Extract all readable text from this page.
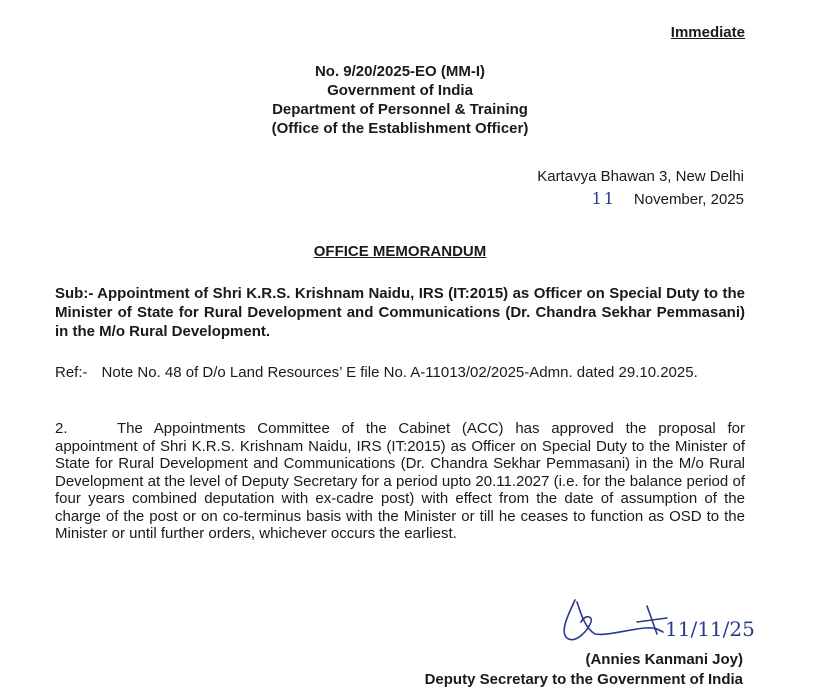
Immediate
No. 9/20/2025-EO (MM-I)
Government of India
Department of Personnel & Training
(Office of the Establishment Officer)
Kartavya Bhawan 3, New Delhi
11 November, 2025
OFFICE MEMORANDUM
Sub:- Appointment of Shri K.R.S. Krishnam Naidu, IRS (IT:2015) as Officer on Special Duty to the Minister of State for Rural Development and Communications (Dr. Chandra Sekhar Pemmasani) in the M/o Rural Development.
Ref:- Note No. 48 of D/o Land Resources’ E file No. A-11013/02/2025-Admn. dated 29.10.2025.
2.	The Appointments Committee of the Cabinet (ACC) has approved the proposal for appointment of Shri K.R.S. Krishnam Naidu, IRS (IT:2015) as Officer on Special Duty to the Minister of State for Rural Development and Communications (Dr. Chandra Sekhar Pemmasani) in the M/o Rural Development at the level of Deputy Secretary for a period upto 20.11.2027 (i.e. for the balance period of four years combined deputation with ex-cadre post) with effect from the date of assumption of the charge of the post or on co-terminus basis with the Minister or till he ceases to function as OSD to the Minister or until further orders, whichever occurs the earliest.
11/11/25
(Annies Kanmani Joy)
Deputy Secretary to the Government of India
